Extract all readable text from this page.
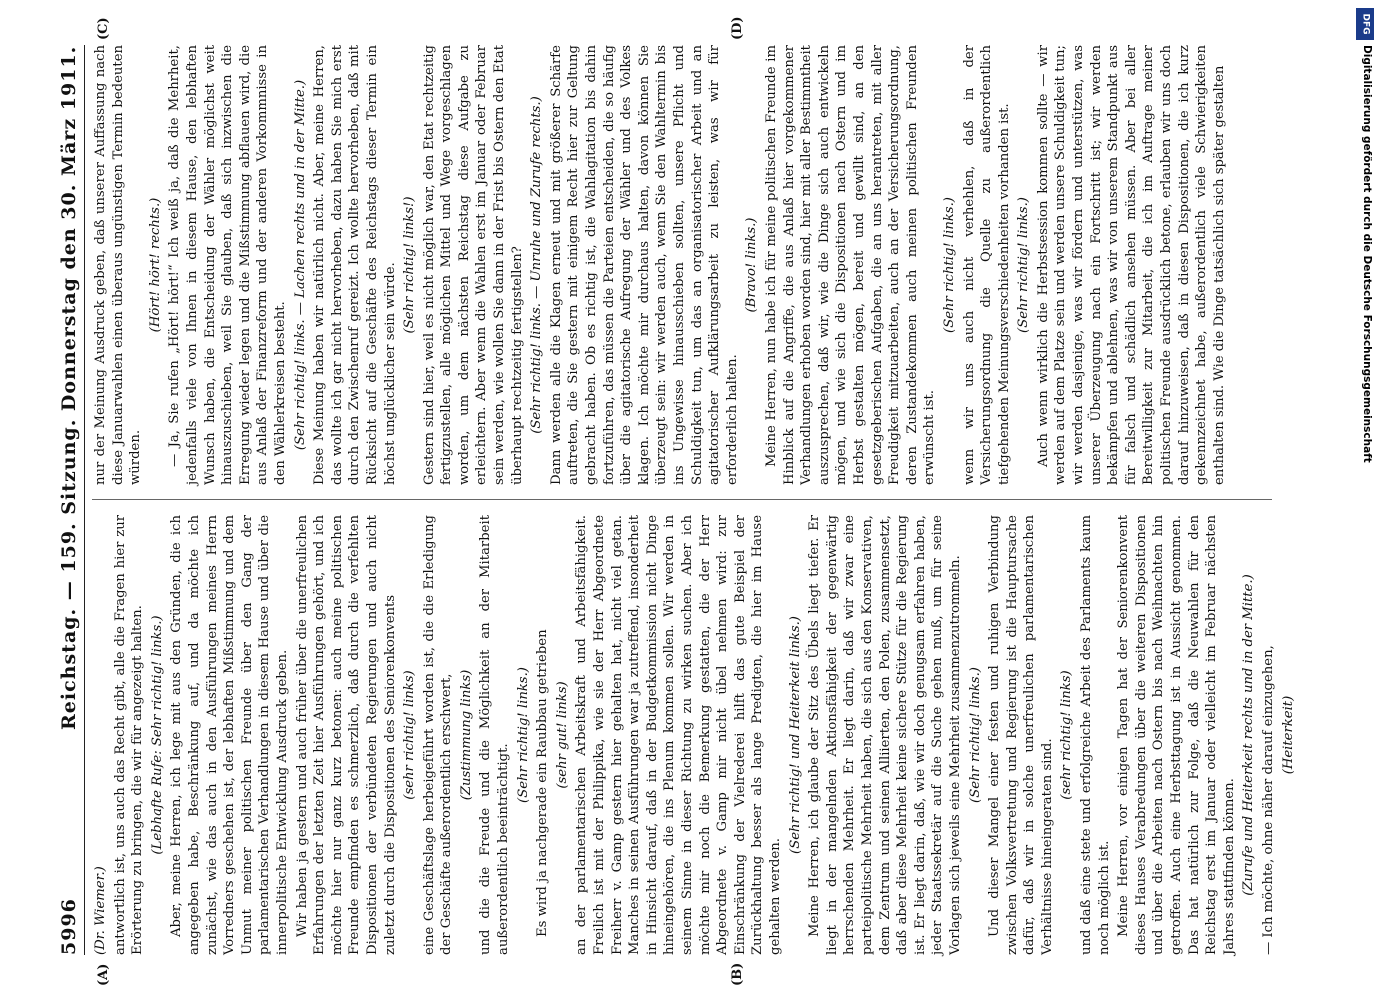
5996
Reichstag. — 159. Sitzung. Donnerstag den 30. März 1911.

(Dr. Wiemer.) antwortlich ist, uns auch das Recht gibt, alle die Fragen hier zur Erörterung zu bringen, die wir für angezeigt halten. (Lebhafte Rufe: Sehr richtig! links.) Aber, meine Herren, ich lege mit aus den Gründen, die ich angegeben habe, Beschränkung auf, und da möchte ich zunächst, wie das auch in den Ausführungen meines Herrn Vorredners geschehen ist, der lebhaften Mißstimmung und dem Unmut meiner politischen Freunde über den Gang der parlamentarischen Verhandlungen in diesem Hause und über die innerpolitische Entwicklung Ausdruck geben. Wir haben ja gestern und auch früher über die unerfreulichen Erfahrungen der letzten Zeit hier Ausführungen gehört, und ich möchte hier nur ganz kurz betonen: auch meine politischen Freunde empfinden es schmerzlich, daß durch die verfehlten Dispositionen der verbündeten Regierungen und auch nicht zuletzt durch die Dispositionen des Seniorenkonvents (sehr richtig! links) eine Geschäftslage herbeigeführt worden ist, die die Erledigung der Geschäfte außerordentlich erschwert, (Zustimmung links) und die die Freude und die Möglichkeit an der Mitarbeit außerordentlich beeinträchtigt.

(Sehr richtig! links.) Es wird ja nachgerade ein Raubbau getrieben (sehr gut! links) an der parlamentarischen Arbeitskraft und Arbeitsfähigkeit. Freilich ist mit der Philippika, wie sie der Herr Abgeordnete Freiherr v. Gamp gestern hier gehalten hat, nicht viel getan. Manches in seinen Ausführungen war ja zutreffend, insonderheit in Hinsicht darauf, daß in der Budgetkommission nicht Dinge hineingehören, die ins Plenum kommen sollen. Wir werden in seinem Sinne in dieser Richtung zu wirken suchen. Aber ich möchte mir noch die Bemerkung gestatten, die der Herr Abgeordnete v. Gamp mir nicht übel nehmen wird: zur Einschränkung der Vielrederei hilft das gute Beispiel der Zurückhaltung besser als lange Predigten, die hier im Hause gehalten werden.

(Sehr richtig! und Heiterkeit links.) Meine Herren, ich glaube der Sitz des Übels liegt tiefer. Er liegt in der mangelnden Aktionsfähigkeit der gegenwärtig herrschenden Mehrheit. Er liegt darin, daß wir zwar eine parteipolitische Mehrheit haben, die sich aus den Konservativen, dem Zentrum und seinen Alliierten, den Polen, zusammensetzt, daß aber diese Mehrheit keine sichere Stütze für die Regierung ist. Er liegt darin, daß, wie wir doch genugsam erfahren haben, jeder Staatssekretär auf die Suche gehen muß, um für seine Vorlagen sich jeweils eine Mehrheit zusammenzutrommeln. (Sehr richtig! links.) Und dieser Mangel einer festen und ruhigen Verbindung zwischen Volksvertretung und Regierung ist die Hauptursache dafür, daß wir in solche unerfreulichen parlamentarischen Verhältnisse hineingeraten sind.

(sehr richtig! links) und daß eine stete und erfolgreiche Arbeit des Parlaments kaum noch möglich ist. Meine Herren, vor einigen Tagen hat der Seniorenkonvent dieses Hauses Verabredungen über die weiteren Dispositionen und über die Arbeiten nach Ostern bis nach Weihnachten hin getroffen. Auch eine Herbsttagung ist in Aussicht genommen. Das hat natürlich zur Folge, daß die Neuwahlen für den Reichstag erst im Januar oder vielleicht im Februar nächsten Jahres stattfinden können. (Zurufe und Heiterkeit rechts und in der Mitte.) — Ich möchte, ohne näher darauf einzugehen, (Heiterkeit)

nur der Meinung Ausdruck geben, daß unserer Auffassung nach diese Januarwahlen einen überaus ungünstigen Termin bedeuten würden.

(Hört! hört! rechts.) — Ja, Sie rufen „Hört! hört!“ Ich weiß ja, daß die Mehrheit, jedenfalls viele von Ihnen in diesem Hause, den lebhaften Wunsch haben, die Entscheidung der Wähler möglichst weit hinauszuschieben, weil Sie glauben, daß sich inzwischen die Erregung wieder legen und die Mißstimmung abflauen wird, die aus Anlaß der Finanzreform und der anderen Vorkommnisse in den Wählerkreisen besteht. (Sehr richtig! links. — Lachen rechts und in der Mitte.) Diese Meinung haben wir natürlich nicht. Aber, meine Herren, das wollte ich gar nicht hervorheben, dazu haben Sie mich erst durch den Zwischenruf gereizt. Ich wollte hervorheben, daß mit Rücksicht auf die Geschäfte des Reichstags dieser Termin ein höchst unglücklicher sein würde. (Sehr richtig! links!) Gestern sind hier, weil es nicht möglich war, den Etat rechtzeitig fertigzustellen, alle möglichen Mittel und Wege vorgeschlagen worden, um dem nächsten Reichstag diese Aufgabe zu erleichtern. Aber wenn die Wahlen erst im Januar oder Februar sein werden, wie wollen Sie dann in der Frist bis Ostern den Etat überhaupt rechtzeitig fertigstellen? (Sehr richtig! links. — Unruhe und Zurufe rechts.) Dann werden alle die Klagen erneut und mit größerer Schärfe auftreten, die Sie gestern mit einigem Recht hier zur Geltung gebracht haben. Ob es richtig ist, die Wahlagitation bis dahin fortzuführen, das müssen die Parteien entscheiden, die so häufig über die agitatorische Aufregung der Wähler und des Volkes klagen. Ich möchte mir durchaus halten, davon können Sie überzeugt sein: wir werden auch, wenn Sie den Wahltermin bis ins Ungewisse hinausschieben sollten, unsere Pflicht und Schuldigkeit tun, um das an organisatorischer Arbeit und an agitatorischer Aufklärungsarbeit zu leisten, was wir für erforderlich halten.

(Bravo! links.) Meine Herren, nun habe ich für meine politischen Freunde im Hinblick auf die Angriffe, die aus Anlaß hier vorgekommener Verhandlungen erhoben worden sind, hier mit aller Bestimmtheit auszusprechen, daß wir, wie die Dinge sich auch entwickeln mögen, und wie sich die Dispositionen nach Ostern und im Herbst gestalten mögen, bereit und gewillt sind, an den gesetzgeberischen Aufgaben, die an uns herantreten, mit aller Freudigkeit mitzuarbeiten, auch an der Versicherungsordnung, deren Zustandekommen auch meinen politischen Freunden erwünscht ist.

(Sehr richtig! links.) wenn wir uns auch nicht verhehlen, daß in der Versicherungsordnung die Quelle zu außerordentlich tiefgehenden Meinungsverschiedenheiten vorhanden ist. (Sehr richtig! links.) Auch wenn wirklich die Herbstsession kommen sollte — wir werden auf dem Platze sein und werden unsere Schuldigkeit tun; wir werden dasjenige, was wir fördern und unterstützen, was unserer Überzeugung nach ein Fortschritt ist; wir werden bekämpfen und ablehnen, was wir von unserem Standpunkt aus für falsch und schädlich ansehen müssen. Aber bei aller Bereitwilligkeit zur Mitarbeit, die ich im Auftrage meiner politischen Freunde ausdrücklich betone, erlauben wir uns doch darauf hinzuweisen, daß in diesen Dispositionen, die ich kurz gekennzeichnet habe, außerordentlich viele Schwierigkeiten enthalten sind. Wie die Dinge tatsächlich sich später gestalten

(A)	(B)
(C)	(D)	DFG
Digitalisierung gefördert durch die Deutsche Forschungsgemeinschaft
